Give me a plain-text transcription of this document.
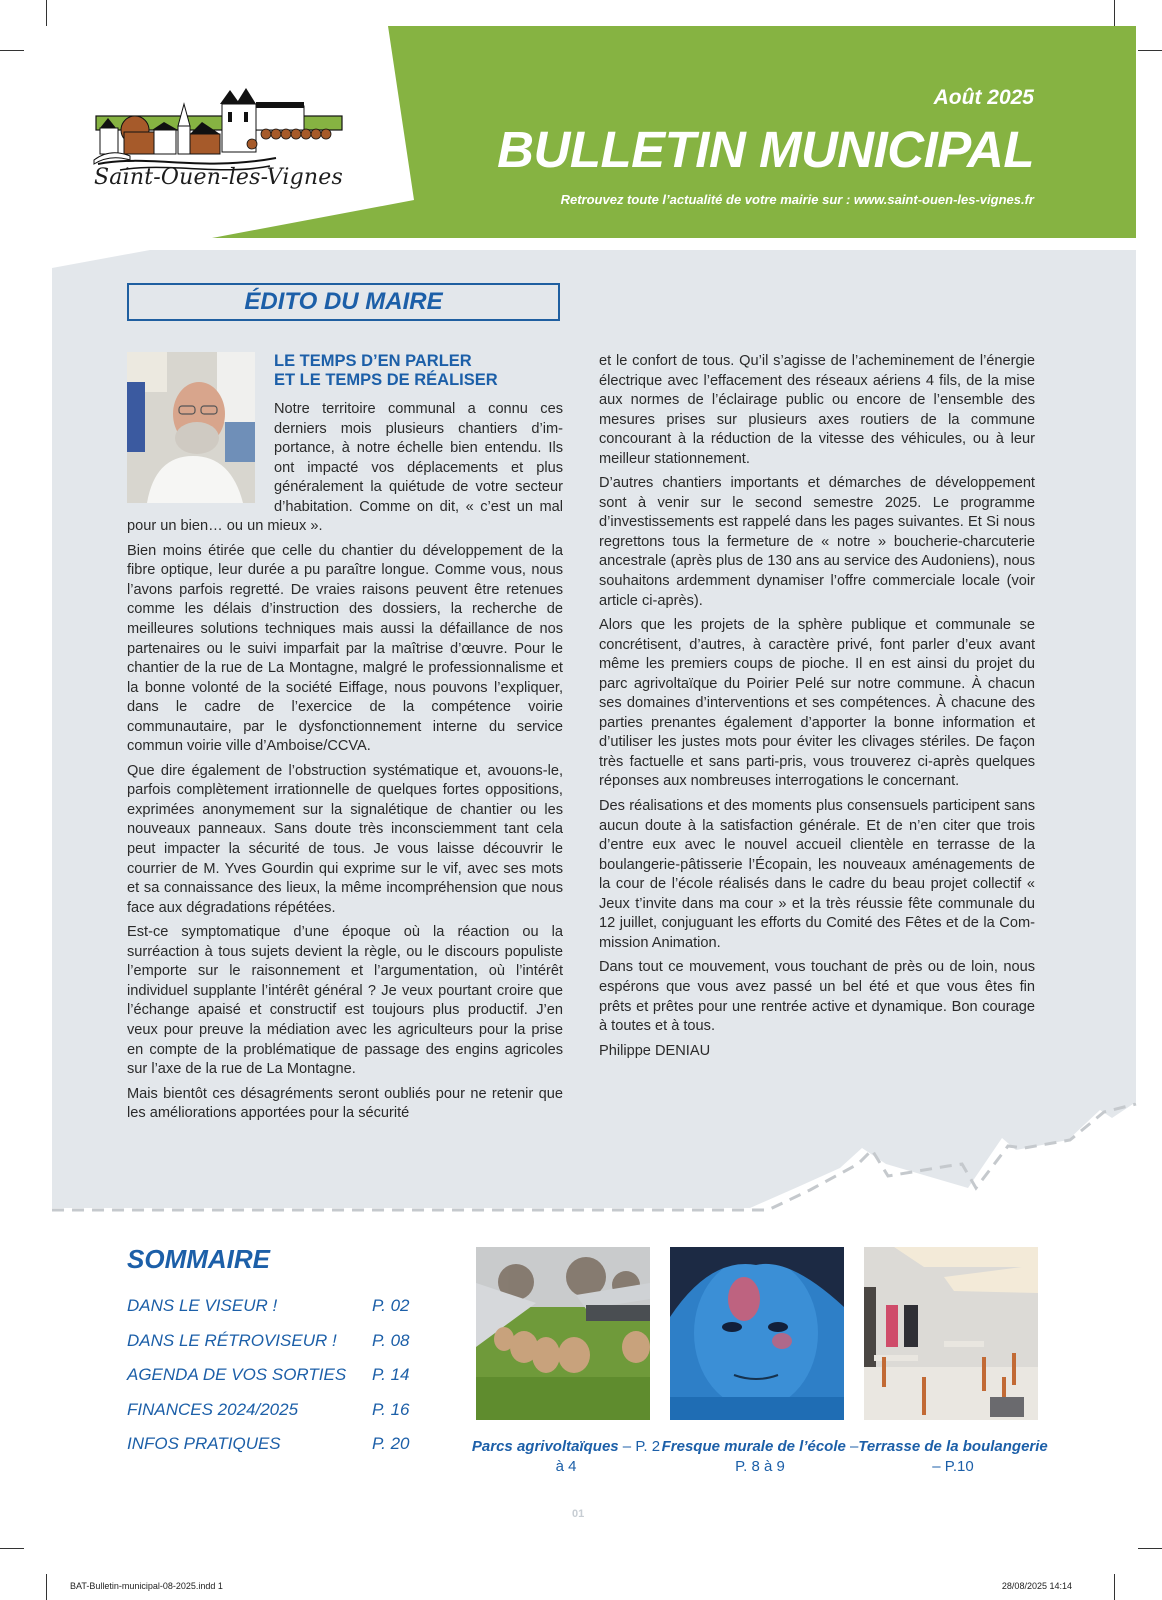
Saint-Ouen-les-Vignes
Août 2025
BULLETIN MUNICIPAL
Retrouvez toute l’actualité de votre mairie sur : www.saint-ouen-les-vignes.fr
ÉDITO DU MAIRE
LE TEMPS D’EN PARLER
ET LE TEMPS DE RÉALISER

Notre territoire communal a connu ces derniers mois plusieurs chantiers d’importance, à notre échelle bien entendu. Ils ont impacté vos déplacements et plus généralement la quiétude de votre secteur d’habitation. Comme on dit, « c’est un mal pour un bien… ou un mieux ».

Bien moins étirée que celle du chantier du développement de la fibre optique, leur durée a pu paraître longue. Comme vous, nous l’avons parfois regretté. De vraies raisons peuvent être retenues comme les délais d’instruction des dossiers, la recherche de meilleures solutions techniques mais aussi la défaillance de nos partenaires ou le suivi imparfait par la maîtrise d’œuvre. Pour le chantier de la rue de La Montagne, malgré le professionnalisme et la bonne volonté de la société Eiffage, nous pouvons l’expliquer, dans le cadre de l’exercice de la compétence voirie communautaire, par le dysfonctionnement interne du service commun voirie ville d’Amboise/CCVA.

Que dire également de l’obstruction systématique et, avouons-le, parfois complètement irrationnelle de quelques fortes oppositions, exprimées anonymement sur la signalétique de chantier ou les nouveaux panneaux. Sans doute très inconsciemment tant cela peut impacter la sécurité de tous. Je vous laisse découvrir le courrier de M. Yves Gourdin qui exprime sur le vif, avec ses mots et sa connaissance des lieux, la même incompréhension que nous face aux dégradations répétées.

Est-ce symptomatique d’une époque où la réaction ou la surréaction à tous sujets devient la règle, ou le discours populiste l’emporte sur le raisonnement et l’argumentation, où l’intérêt individuel supplante l’intérêt général ? Je veux pourtant croire que l’échange apaisé et constructif est toujours plus productif. J’en veux pour preuve la médiation avec les agriculteurs pour la prise en compte de la problématique de passage des engins agricoles sur l’axe de la rue de La Montagne.

Mais bientôt ces désagréments seront oubliés pour ne retenir que les améliorations apportées pour la sécurité

et le confort de tous. Qu’il s’agisse de l’acheminement de l’énergie électrique avec l’effacement des réseaux aériens 4 fils, de la mise aux normes de l’éclairage public ou encore de l’ensemble des mesures prises sur plusieurs axes routiers de la commune concourant à la réduction de la vitesse des véhicules, ou à leur meilleur stationnement.

D’autres chantiers importants et démarches de développement sont à venir sur le second semestre 2025. Le programme d’investissements est rappelé dans les pages suivantes. Et Si nous regrettons tous la fermeture de « notre » boucherie-charcuterie ancestrale (après plus de 130 ans au service des Audoniens), nous souhaitons ardemment dynamiser l’offre commerciale locale (voir article ci-après).

Alors que les projets de la sphère publique et communale se concrétisent, d’autres, à caractère privé, font parler d’eux avant même les premiers coups de pioche. Il en est ainsi du projet du parc agrivoltaïque du Poirier Pelé sur notre commune. À chacun ses domaines d’interventions et ses compétences. À chacune des parties prenantes également d’apporter la bonne information et d’utiliser les justes mots pour éviter les clivages stériles. De façon très factuelle et sans parti-pris, vous trouverez ci-après quelques réponses aux nombreuses interrogations le concernant.

Des réalisations et des moments plus consensuels participent sans aucun doute à la satisfaction générale. Et de n’en citer que trois d’entre eux avec le nouvel accueil clientèle en terrasse de la boulangerie-pâtisserie l’Écopain, les nouveaux aménagements de la cour de l’école réalisés dans le cadre du beau projet collectif « Jeux t’invite dans ma cour » et la très réussie fête communale du 12 juillet, conjuguant les efforts du Comité des Fêtes et de la Commission Animation.

Dans tout ce mouvement, vous touchant de près ou de loin, nous espérons que vous avez passé un bel été et que vous êtes fin prêts et prêtes pour une rentrée active et dynamique. Bon courage à toutes et à tous.

Philippe DENIAU

SOMMAIRE
DANS LE VISEUR !	P. 02
DANS LE RÉTROVISEUR !	P. 08
AGENDA DE VOS SORTIES	P. 14
FINANCES 2024/2025	P. 16
INFOS PRATIQUES	P. 20	Parcs agrivoltaïques – P. 2 à 4
Fresque murale de l’école – P. 8 à 9
Terrasse de la boulangerie – P.10
01
BAT-Bulletin-municipal-08-2025.indd 1	28/08/2025 14:14
